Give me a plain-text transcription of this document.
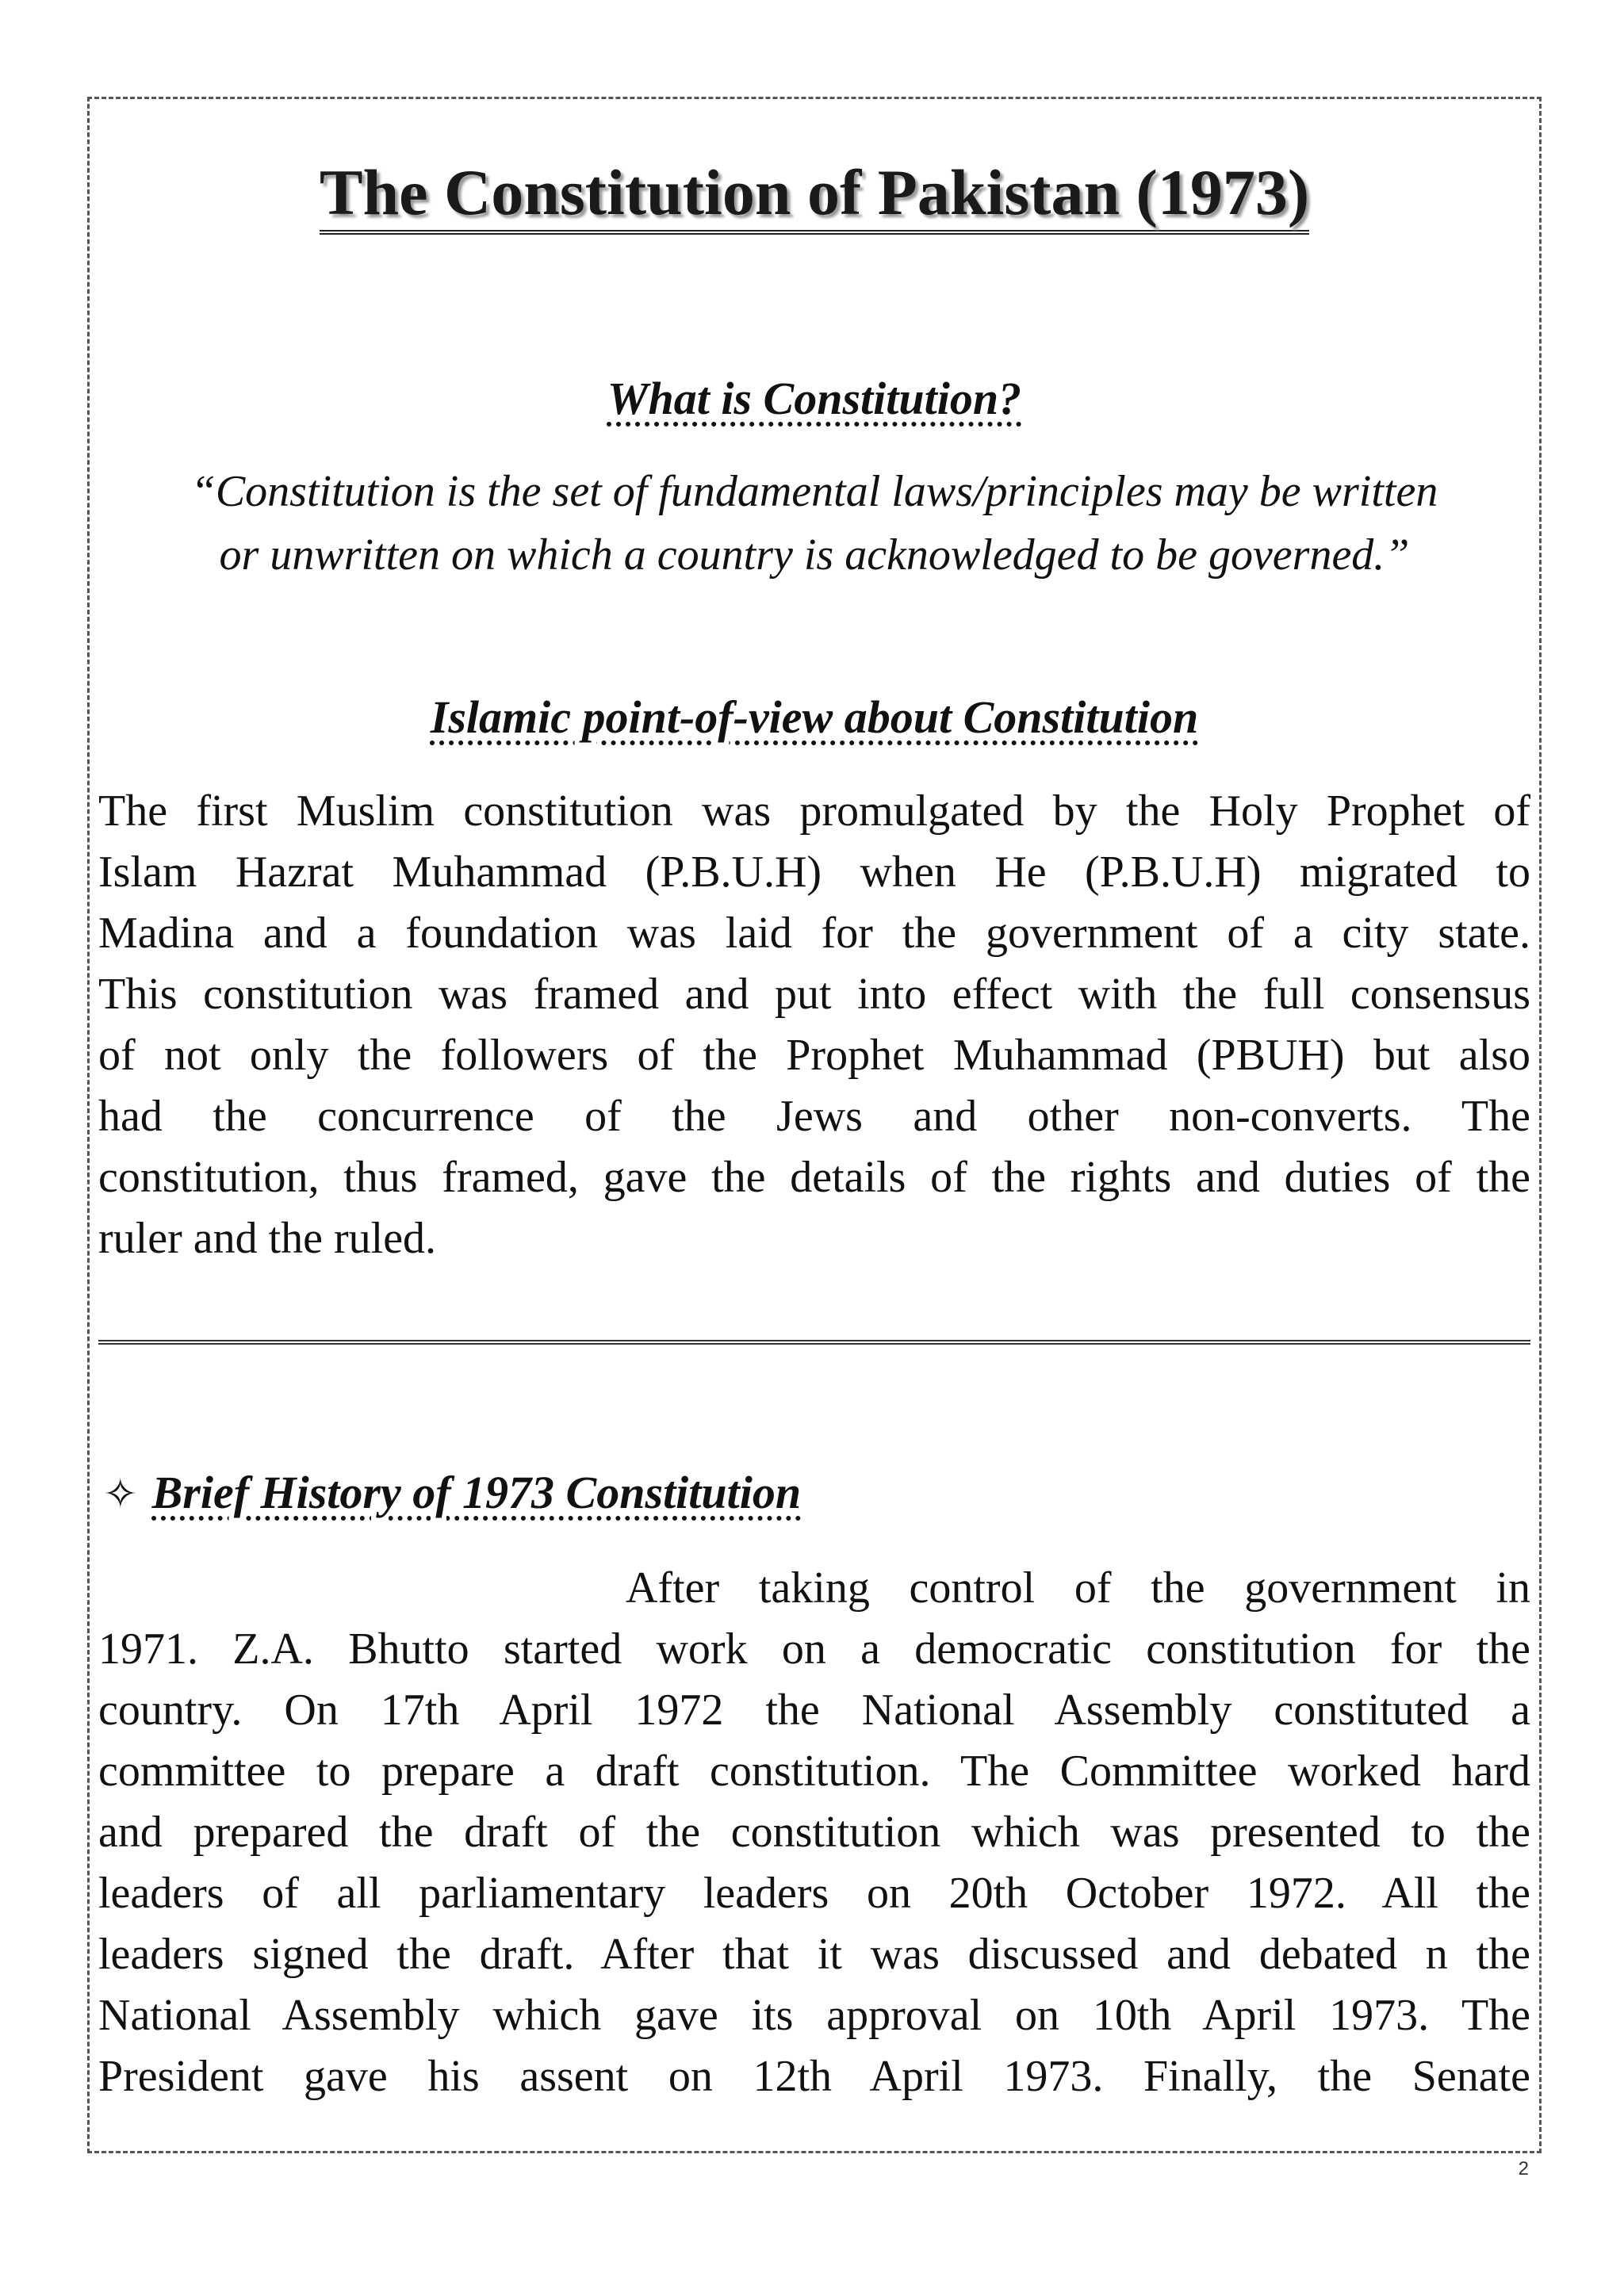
The Constitution of Pakistan (1973)
What is Constitution?

“Constitution is the set of fundamental laws/principles may be written
or unwritten on which a country is acknowledged to be governed.”

Islamic point-of-view about Constitution
The first Muslim constitution was promulgated by the Holy Prophet of
Islam Hazrat Muhammad (P.B.U.H) when He (P.B.U.H) migrated to
Madina and a foundation was laid for the government of a city state.
This constitution was framed and put into effect with the full consensus
of not only the followers of the Prophet Muhammad (PBUH) but also
had the concurrence of the Jews and other non-converts. The
constitution, thus framed, gave the details of the rights and duties of the
ruler and the ruled.
✧ Brief History of 1973 Constitution
After taking control of the government in
1971. Z.A. Bhutto started work on a democratic constitution for the
country. On 17th April 1972 the National Assembly constituted a
committee to prepare a draft constitution. The Committee worked hard
and prepared the draft of the constitution which was presented to the
leaders of all parliamentary leaders on 20th October 1972. All the
leaders signed the draft. After that it was discussed and debated n the
National Assembly which gave its approval on 10th April 1973. The
President gave his assent on 12th April 1973. Finally, the Senate
2
